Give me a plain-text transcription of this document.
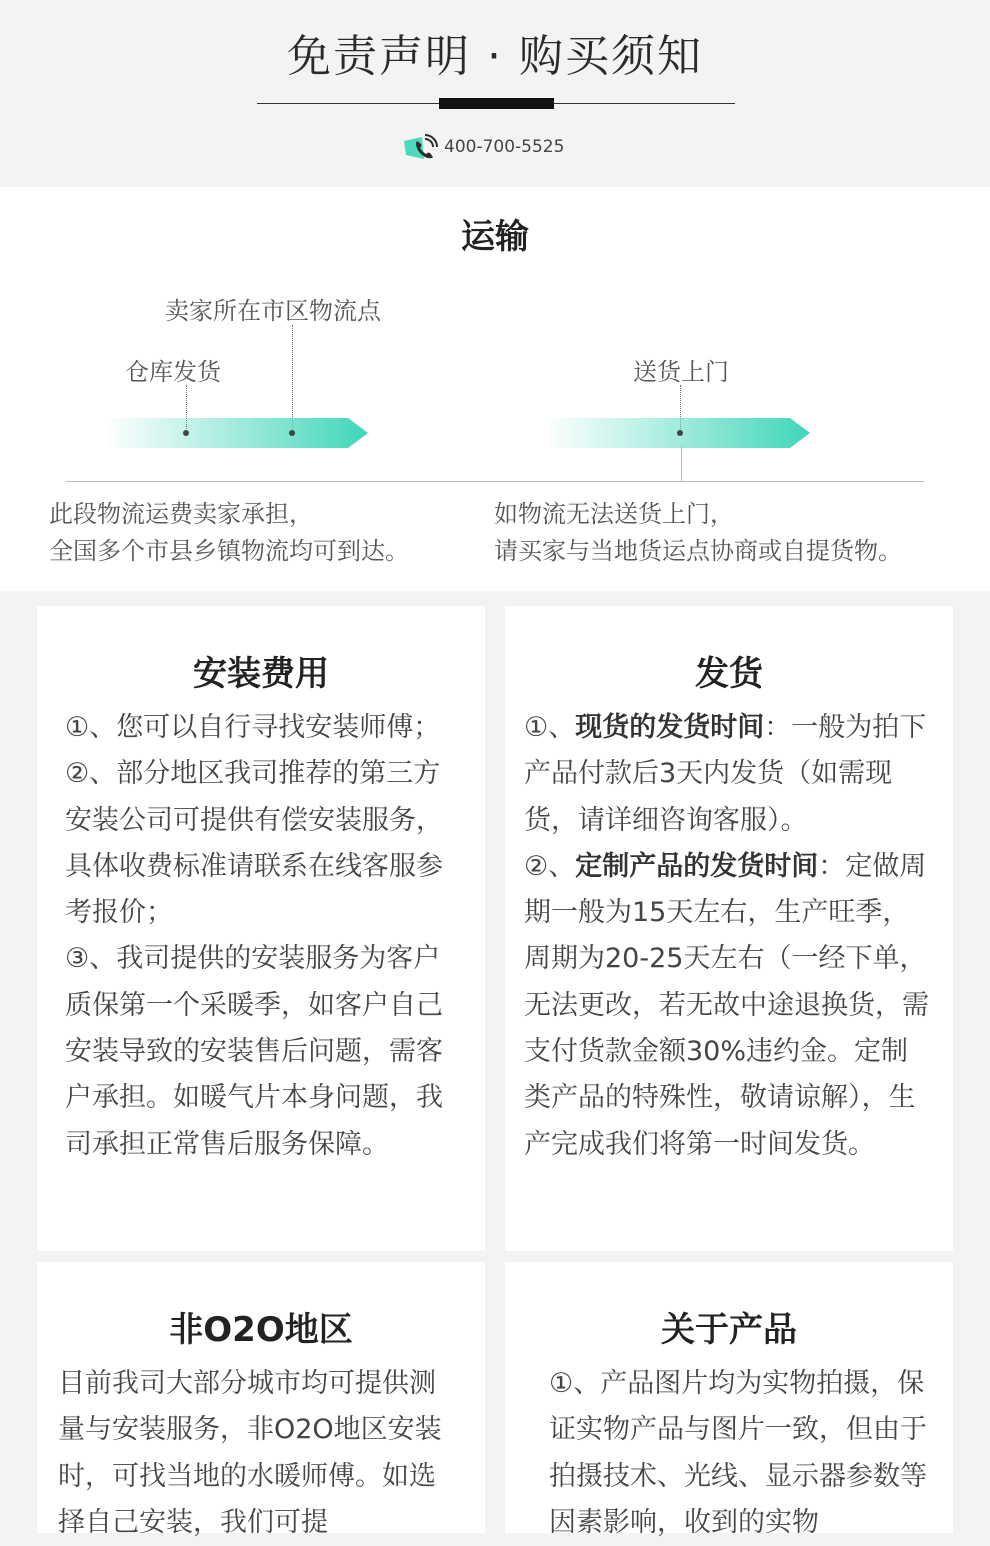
免责声明 · 购买须知
400-700-5525
运输
卖家所在市区物流点
仓库发货	送货上门
此段物流运费卖家承担，
全国多个市县乡镇物流均可到达。
如物流无法送货上门，
请买家与当地货运点协商或自提货物。
安装费用

①、您可以自行寻找安装师傅；

②、部分地区我司推荐的第三方安装公司可提供有偿安装服务，具体收费标准请联系在线客服参考报价；

③、我司提供的安装服务为客户质保第一个采暖季，如客户自己安装导致的安装售后问题，需客户承担。如暖气片本身问题，我司承担正常售后服务保障。

发货

①、现货的发货时间：一般为拍下产品付款后3天内发货（如需现货，请详细咨询客服）。

②、定制产品的发货时间：定做周期一般为15天左右，生产旺季，周期为20-25天左右（一经下单，无法更改，若无故中途退换货，需支付货款金额30%违约金。定制类产品的特殊性，敬请谅解），生产完成我们将第一时间发货。

非O2O地区

目前我司大部分城市均可提供测量与安装服务，非O2O地区安装时，可找当地的水暖师傅。如选择自己安装，我们可提

关于产品

①、产品图片均为实物拍摄，保证实物产品与图片一致，但由于拍摄技术、光线、显示器参数等因素影响，收到的实物
